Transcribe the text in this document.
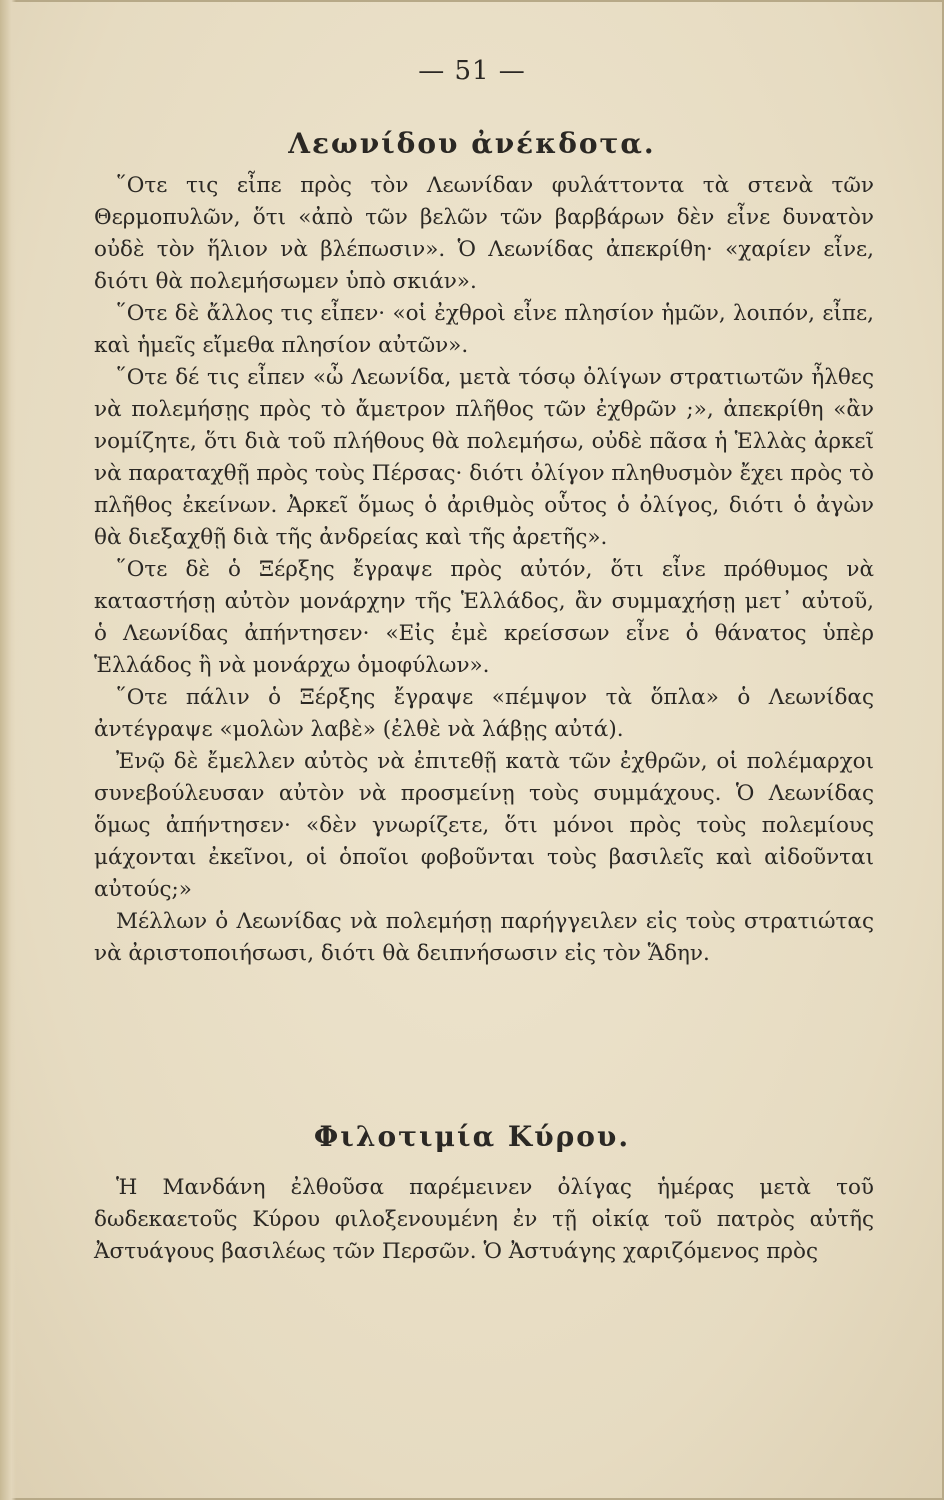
— 51 —
Λεωνίδου ἀνέκδοτα.

῞Οτε τις εἶπε πρὸς τὸν Λεωνίδαν φυλάττοντα τὰ στενὰ τῶν Θερμοπυλῶν, ὅτι «ἀπὸ τῶν βελῶν τῶν βαρβάρων δὲν εἶνε δυνατὸν οὐδὲ τὸν ἥλιον νὰ βλέπωσιν». Ὁ Λεωνίδας ἀπεκρίθη· «χαρίεν εἶνε, διότι θὰ πολεμήσωμεν ὑπὸ σκιάν».

῞Οτε δὲ ἄλλος τις εἶπεν· «οἱ ἐχθροὶ εἶνε πλησίον ἡμῶν, λοιπόν, εἶπε, καὶ ἡμεῖς εἴμεθα πλησίον αὐτῶν».

῞Οτε δέ τις εἶπεν «ὦ Λεωνίδα, μετὰ τόσῳ ὀλίγων στρατιωτῶν ἦλθες νὰ πολεμήσῃς πρὸς τὸ ἄμετρον πλῆθος τῶν ἐχθρῶν ;», ἀπεκρίθη «ἂν νομίζητε, ὅτι διὰ τοῦ πλήθους θὰ πολεμήσω, οὐδὲ πᾶσα ἡ Ἑλλὰς ἀρκεῖ νὰ παραταχθῇ πρὸς τοὺς Πέρσας· διότι ὀλίγον πληθυσμὸν ἔχει πρὸς τὸ πλῆθος ἐκείνων. Ἀρκεῖ ὅμως ὁ ἀριθμὸς οὗτος ὁ ὀλίγος, διότι ὁ ἀγὼν θὰ διεξαχθῇ διὰ τῆς ἀνδρείας καὶ τῆς ἀρετῆς».

῞Οτε δὲ ὁ Ξέρξης ἔγραψε πρὸς αὐτόν, ὅτι εἶνε πρόθυμος νὰ καταστήσῃ αὐτὸν μονάρχην τῆς Ἑλλάδος, ἂν συμμαχήσῃ μετ᾽ αὐτοῦ, ὁ Λεωνίδας ἀπήντησεν· «Εἰς ἐμὲ κρείσσων εἶνε ὁ θάνατος ὑπὲρ Ἑλλάδος ἢ νὰ μονάρχω ὁμοφύλων».

῞Οτε πάλιν ὁ Ξέρξης ἔγραψε «πέμψον τὰ ὅπλα» ὁ Λεωνίδας ἀντέγραψε «μολὼν λαβὲ» (ἐλθὲ νὰ λάβῃς αὐτά).

Ἐνῷ δὲ ἔμελλεν αὐτὸς νὰ ἐπιτεθῇ κατὰ τῶν ἐχθρῶν, οἱ πολέμαρχοι συνεβούλευσαν αὐτὸν νὰ προσμείνῃ τοὺς συμμάχους. Ὁ Λεωνίδας ὅμως ἀπήντησεν· «δὲν γνωρίζετε, ὅτι μόνοι πρὸς τοὺς πολεμίους μάχονται ἐκεῖνοι, οἱ ὁποῖοι φοβοῦνται τοὺς βασιλεῖς καὶ αἰδοῦνται αὐτούς;»

Μέλλων ὁ Λεωνίδας νὰ πολεμήσῃ παρήγγειλεν εἰς τοὺς στρατιώτας νὰ ἀριστοποιήσωσι, διότι θὰ δειπνήσωσιν εἰς τὸν Ἅδην.

Φιλοτιμία Κύρου.

Ἡ Μανδάνη ἐλθοῦσα παρέμεινεν ὀλίγας ἡμέρας μετὰ τοῦ δωδεκαετοῦς Κύρου φιλοξενουμένη ἐν τῇ οἰκίᾳ τοῦ πατρὸς αὐτῆς Ἀστυάγους βασιλέως τῶν Περσῶν. Ὁ Ἀστυάγης χαριζόμενος πρὸς
